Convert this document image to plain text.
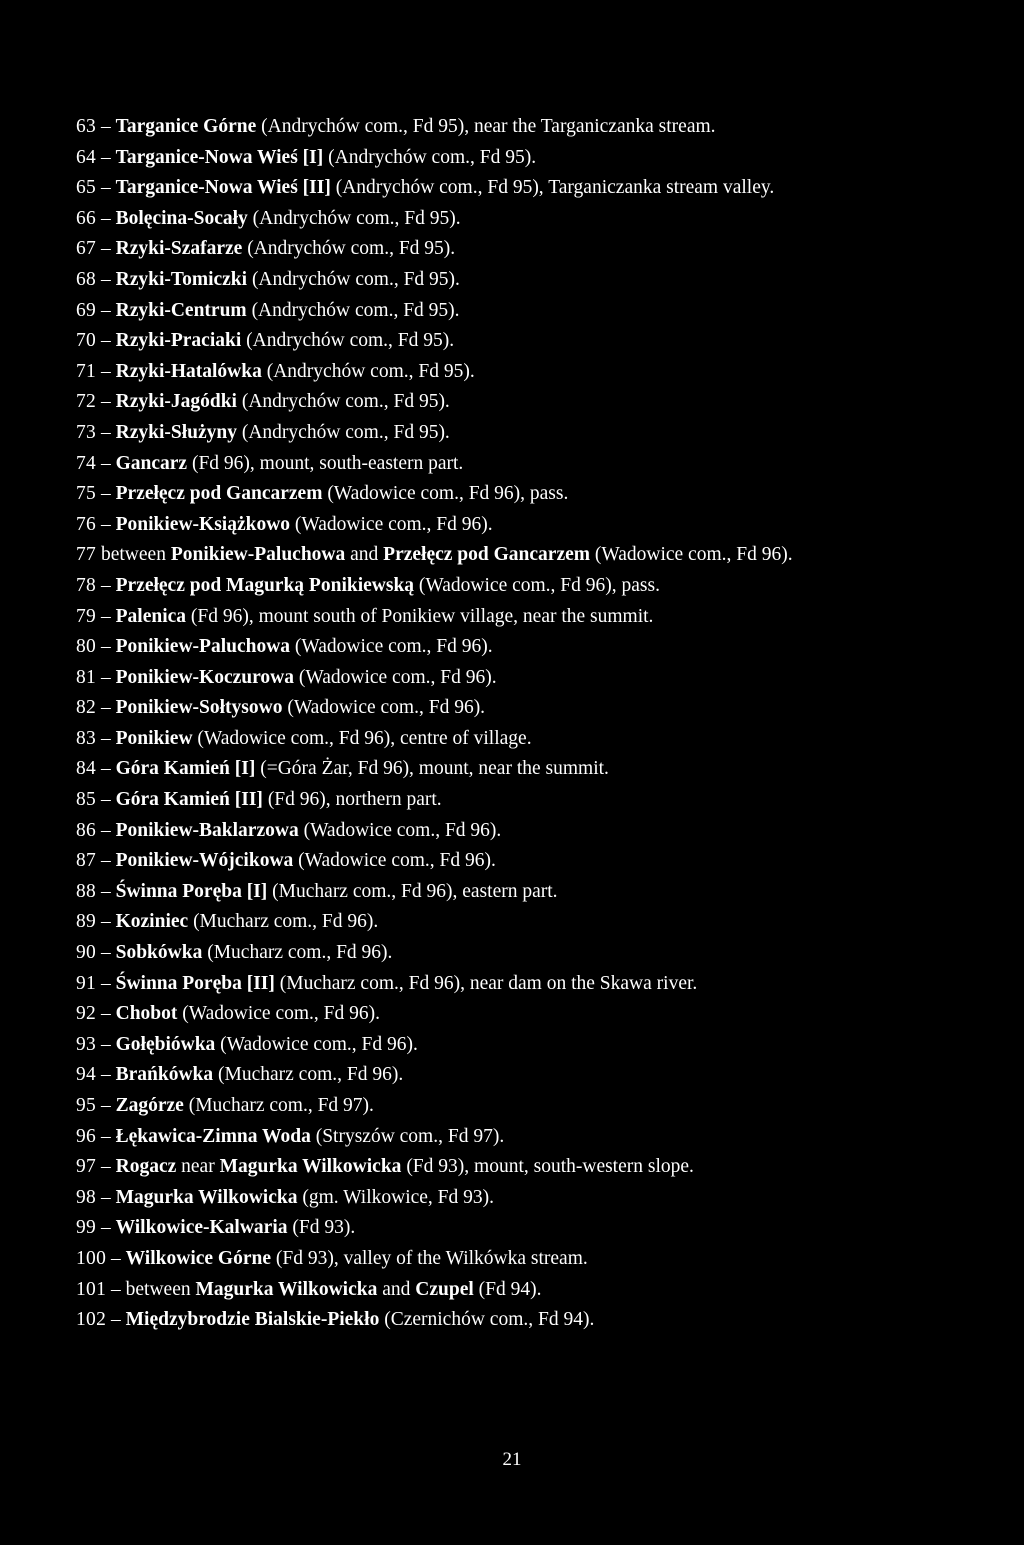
63 – Targanice Górne (Andrychów com., Fd 95), near the Targaniczanka stream.
64 – Targanice-Nowa Wieś [I] (Andrychów com., Fd 95).
65 – Targanice-Nowa Wieś [II] (Andrychów com., Fd 95), Targaniczanka stream valley.
66 – Bolęcina-Socały (Andrychów com., Fd 95).
67 – Rzyki-Szafarze (Andrychów com., Fd 95).
68 – Rzyki-Tomiczki (Andrychów com., Fd 95).
69 – Rzyki-Centrum (Andrychów com., Fd 95).
70 – Rzyki-Praciaki (Andrychów com., Fd 95).
71 – Rzyki-Hatalówka (Andrychów com., Fd 95).
72 – Rzyki-Jagódki (Andrychów com., Fd 95).
73 – Rzyki-Służyny (Andrychów com., Fd 95).
74 – Gancarz (Fd 96), mount, south-eastern part.
75 – Przełęcz pod Gancarzem (Wadowice com., Fd 96), pass.
76 – Ponikiew-Książkowo (Wadowice com., Fd 96).
77 between Ponikiew-Paluchowa and Przełęcz pod Gancarzem (Wadowice com., Fd 96).
78 – Przełęcz pod Magurką Ponikiewską (Wadowice com., Fd 96), pass.
79 – Palenica (Fd 96), mount south of Ponikiew village, near the summit.
80 – Ponikiew-Paluchowa (Wadowice com., Fd 96).
81 – Ponikiew-Koczurowa (Wadowice com., Fd 96).
82 – Ponikiew-Sołtysowo (Wadowice com., Fd 96).
83 – Ponikiew (Wadowice com., Fd 96), centre of village.
84 – Góra Kamień [I] (=Góra Żar, Fd 96), mount, near the summit.
85 – Góra Kamień [II] (Fd 96), northern part.
86 – Ponikiew-Baklarzowa (Wadowice com., Fd 96).
87 – Ponikiew-Wójcikowa (Wadowice com., Fd 96).
88 – Świnna Poręba [I] (Mucharz com., Fd 96), eastern part.
89 – Koziniec (Mucharz com., Fd 96).
90 – Sobkówka (Mucharz com., Fd 96).
91 – Świnna Poręba [II] (Mucharz com., Fd 96), near dam on the Skawa river.
92 – Chobot (Wadowice com., Fd 96).
93 – Gołębiówka (Wadowice com., Fd 96).
94 – Brańkówka (Mucharz com., Fd 96).
95 – Zagórze (Mucharz com., Fd 97).
96 – Łękawica-Zimna Woda (Stryszów com., Fd 97).
97 – Rogacz near Magurka Wilkowicka (Fd 93), mount, south-western slope.
98 – Magurka Wilkowicka (gm. Wilkowice, Fd 93).
99 – Wilkowice-Kalwaria (Fd 93).
100 – Wilkowice Górne (Fd 93), valley of the Wilkówka stream.
101 – between Magurka Wilkowicka and Czupel (Fd 94).
102 – Międzybrodzie Bialskie-Piekło (Czernichów com., Fd 94).
21
